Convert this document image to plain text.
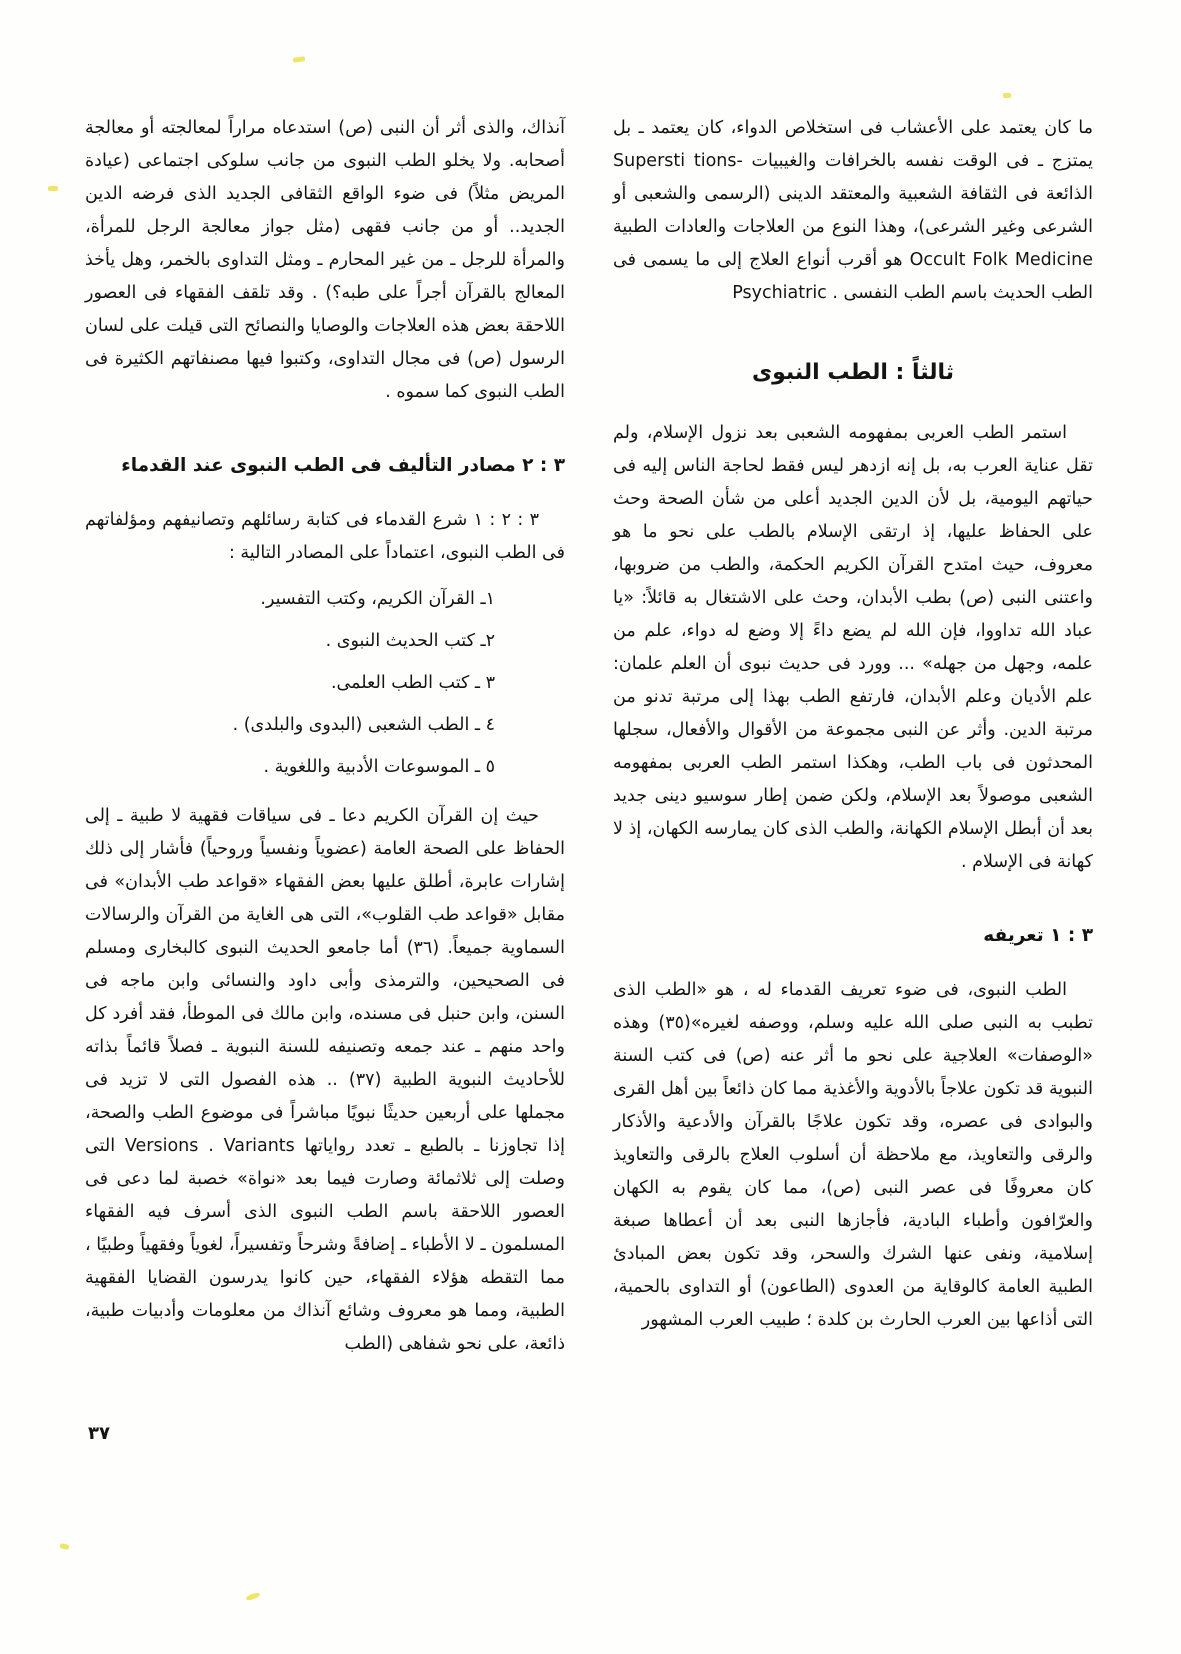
ما كان يعتمد على الأعشاب فى استخلاص الدواء، كان يعتمد ـ بل يمتزج ـ فى الوقت نفسه بالخرافات والغيبيات -Supersti tions الذائعة فى الثقافة الشعبية والمعتقد الدينى (الرسمى والشعبى أو الشرعى وغير الشرعى)، وهذا النوع من العلاجات والعادات الطبية Occult Folk Medicine هو أقرب أنواع العلاج إلى ما يسمى فى الطب الحديث باسم الطب النفسى . Psychiatric

ثالثاً : الطب النبوى

استمر الطب العربى بمفهومه الشعبى بعد نزول الإسلام، ولم تقل عناية العرب به، بل إنه ازدهر ليس فقط لحاجة الناس إليه فى حياتهم اليومية، بل لأن الدين الجديد أعلى من شأن الصحة وحث على الحفاظ عليها، إذ ارتقى الإسلام بالطب على نحو ما هو معروف، حيث امتدح القرآن الكريم الحكمة، والطب من ضروبها، واعتنى النبى (ص) بطب الأبدان، وحث على الاشتغال به قائلاً: «يا عباد الله تداووا، فإن الله لم يضع داءً إلا وضع له دواء، علم من علمه، وجهل من جهله» ... وورد فى حديث نبوى أن العلم علمان: علم الأديان وعلم الأبدان، فارتفع الطب بهذا إلى مرتبة تدنو من مرتبة الدين. وأثر عن النبى مجموعة من الأقوال والأفعال، سجلها المحدثون فى باب الطب، وهكذا استمر الطب العربى بمفهومه الشعبى موصولاً بعد الإسلام، ولكن ضمن إطار سوسيو دينى جديد بعد أن أبطل الإسلام الكهانة، والطب الذى كان يمارسه الكهان، إذ لا كهانة فى الإسلام .

٣ : ١ تعريفه

الطب النبوى، فى ضوء تعريف القدماء له ، هو «الطب الذى تطبب به النبى صلى الله عليه وسلم، ووصفه لغيره»(٣٥) وهذه «الوصفات» العلاجية على نحو ما أثر عنه (ص) فى كتب السنة النبوية قد تكون علاجاً بالأدوية والأغذية مما كان ذائعاً بين أهل القرى والبوادى فى عصره، وقد تكون علاجًا بالقرآن والأدعية والأذكار والرقى والتعاويذ، مع ملاحظة أن أسلوب العلاج بالرقى والتعاويذ كان معروفًا فى عصر النبى (ص)، مما كان يقوم به الكهان والعرّافون وأطباء البادية، فأجازها النبى بعد أن أعطاها صبغة إسلامية، ونفى عنها الشرك والسحر، وقد تكون بعض المبادئ الطبية العامة كالوقاية من العدوى (الطاعون) أو التداوى بالحمية، التى أذاعها بين العرب الحارث بن كلدة ؛ طبيب العرب المشهور

آنذاك، والذى أثر أن النبى (ص) استدعاه مراراً لمعالجته أو معالجة أصحابه. ولا يخلو الطب النبوى من جانب سلوكى اجتماعى (عيادة المريض مثلاً) فى ضوء الواقع الثقافى الجديد الذى فرضه الدين الجديد.. أو من جانب فقهى (مثل جواز معالجة الرجل للمرأة، والمرأة للرجل ـ من غير المحارم ـ ومثل التداوى بالخمر، وهل يأخذ المعالج بالقرآن أجراً على طبه؟) . وقد تلقف الفقهاء فى العصور اللاحقة بعض هذه العلاجات والوصايا والنصائح التى قيلت على لسان الرسول (ص) فى مجال التداوى، وكتبوا فيها مصنفاتهم الكثيرة فى الطب النبوى كما سموه .

٣ : ٢ مصادر التأليف فى الطب النبوى عند القدماء

٣ : ٢ : ١ شرع القدماء فى كتابة رسائلهم وتصانيفهم ومؤلفاتهم فى الطب النبوى، اعتماداً على المصادر التالية :

١ـ القرآن الكريم، وكتب التفسير.
٢ـ كتب الحديث النبوى .
٣ ـ كتب الطب العلمى.
٤ ـ الطب الشعبى (البدوى والبلدى) .
٥ ـ الموسوعات الأدبية واللغوية .

حيث إن القرآن الكريم دعا ـ فى سياقات فقهية لا طبية ـ إلى الحفاظ على الصحة العامة (عضوياً ونفسياً وروحياً) فأشار إلى ذلك إشارات عابرة، أطلق عليها بعض الفقهاء «قواعد طب الأبدان» فى مقابل «قواعد طب القلوب»، التى هى الغاية من القرآن والرسالات السماوية جميعاً. (٣٦) أما جامعو الحديث النبوى كالبخارى ومسلم فى الصحيحين، والترمذى وأبى داود والنسائى وابن ماجه فى السنن، وابن حنبل فى مسنده، وابن مالك فى الموطأ، فقد أفرد كل واحد منهم ـ عند جمعه وتصنيفه للسنة النبوية ـ فصلاً قائماً بذاته للأحاديث النبوية الطبية (٣٧) .. هذه الفصول التى لا تزيد فى مجملها على أربعين حديثًا نبويًا مباشراً فى موضوع الطب والصحة، إذا تجاوزنا ـ بالطبع ـ تعدد رواياتها Versions . Variants التى وصلت إلى ثلاثمائة وصارت فيما بعد «نواة» خصبة لما دعى فى العصور اللاحقة باسم الطب النبوى الذى أسرف فيه الفقهاء المسلمون ـ لا الأطباء ـ إضافةً وشرحاً وتفسيراً، لغوياً وفقهياً وطبيًا ، مما التقطه هؤلاء الفقهاء، حين كانوا يدرسون القضايا الفقهية الطبية، ومما هو معروف وشائع آنذاك من معلومات وأدبيات طبية، ذائعة، على نحو شفاهى (الطب

٣٧
